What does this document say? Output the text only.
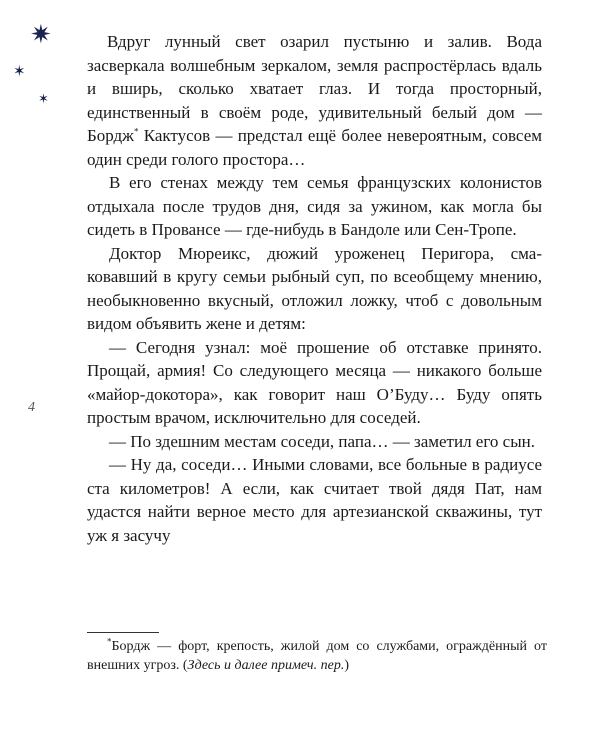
✷
✶
✶
4

Вдруг лунный свет озарил пустыню и залив. Вода засверкала волшебным зеркалом, земля распростёрлась вдаль и вширь, сколько хватает глаз. И тогда просторный, единственный в своём роде, удивительный белый дом — Бордж* Кактусов — предстал ещё более невероятным, совсем один среди голого простора…

В его стенах между тем семья французских колонистов отдыхала после трудов дня, сидя за ужином, как могла бы сидеть в Провансе — где-нибудь в Бандоле или Сен-Тропе.

Доктор Мюреикс, дюжий уроженец Перигора, смаковавший в кругу семьи рыбный суп, по всеобщему мнению, необыкновенно вкусный, отложил ложку, чтоб с довольным видом объявить жене и детям:

— Сегодня узнал: моё прошение об отставке принято. Прощай, армия! Со следующего месяца — никакого больше «майор-докотора», как говорит наш О’Буду… Буду опять простым врачом, исключительно для соседей.

— По здешним местам соседи, папа… — заметил его сын.

— Ну да, соседи… Иными словами, все больные в радиусе ста километров! А если, как считает твой дядя Пат, нам удастся найти верное место для артезианской скважины, тут уж я засучу

*Бордж — форт, крепость, жилой дом со службами, ограждённый от внешних угроз. (Здесь и далее примеч. пер.)
